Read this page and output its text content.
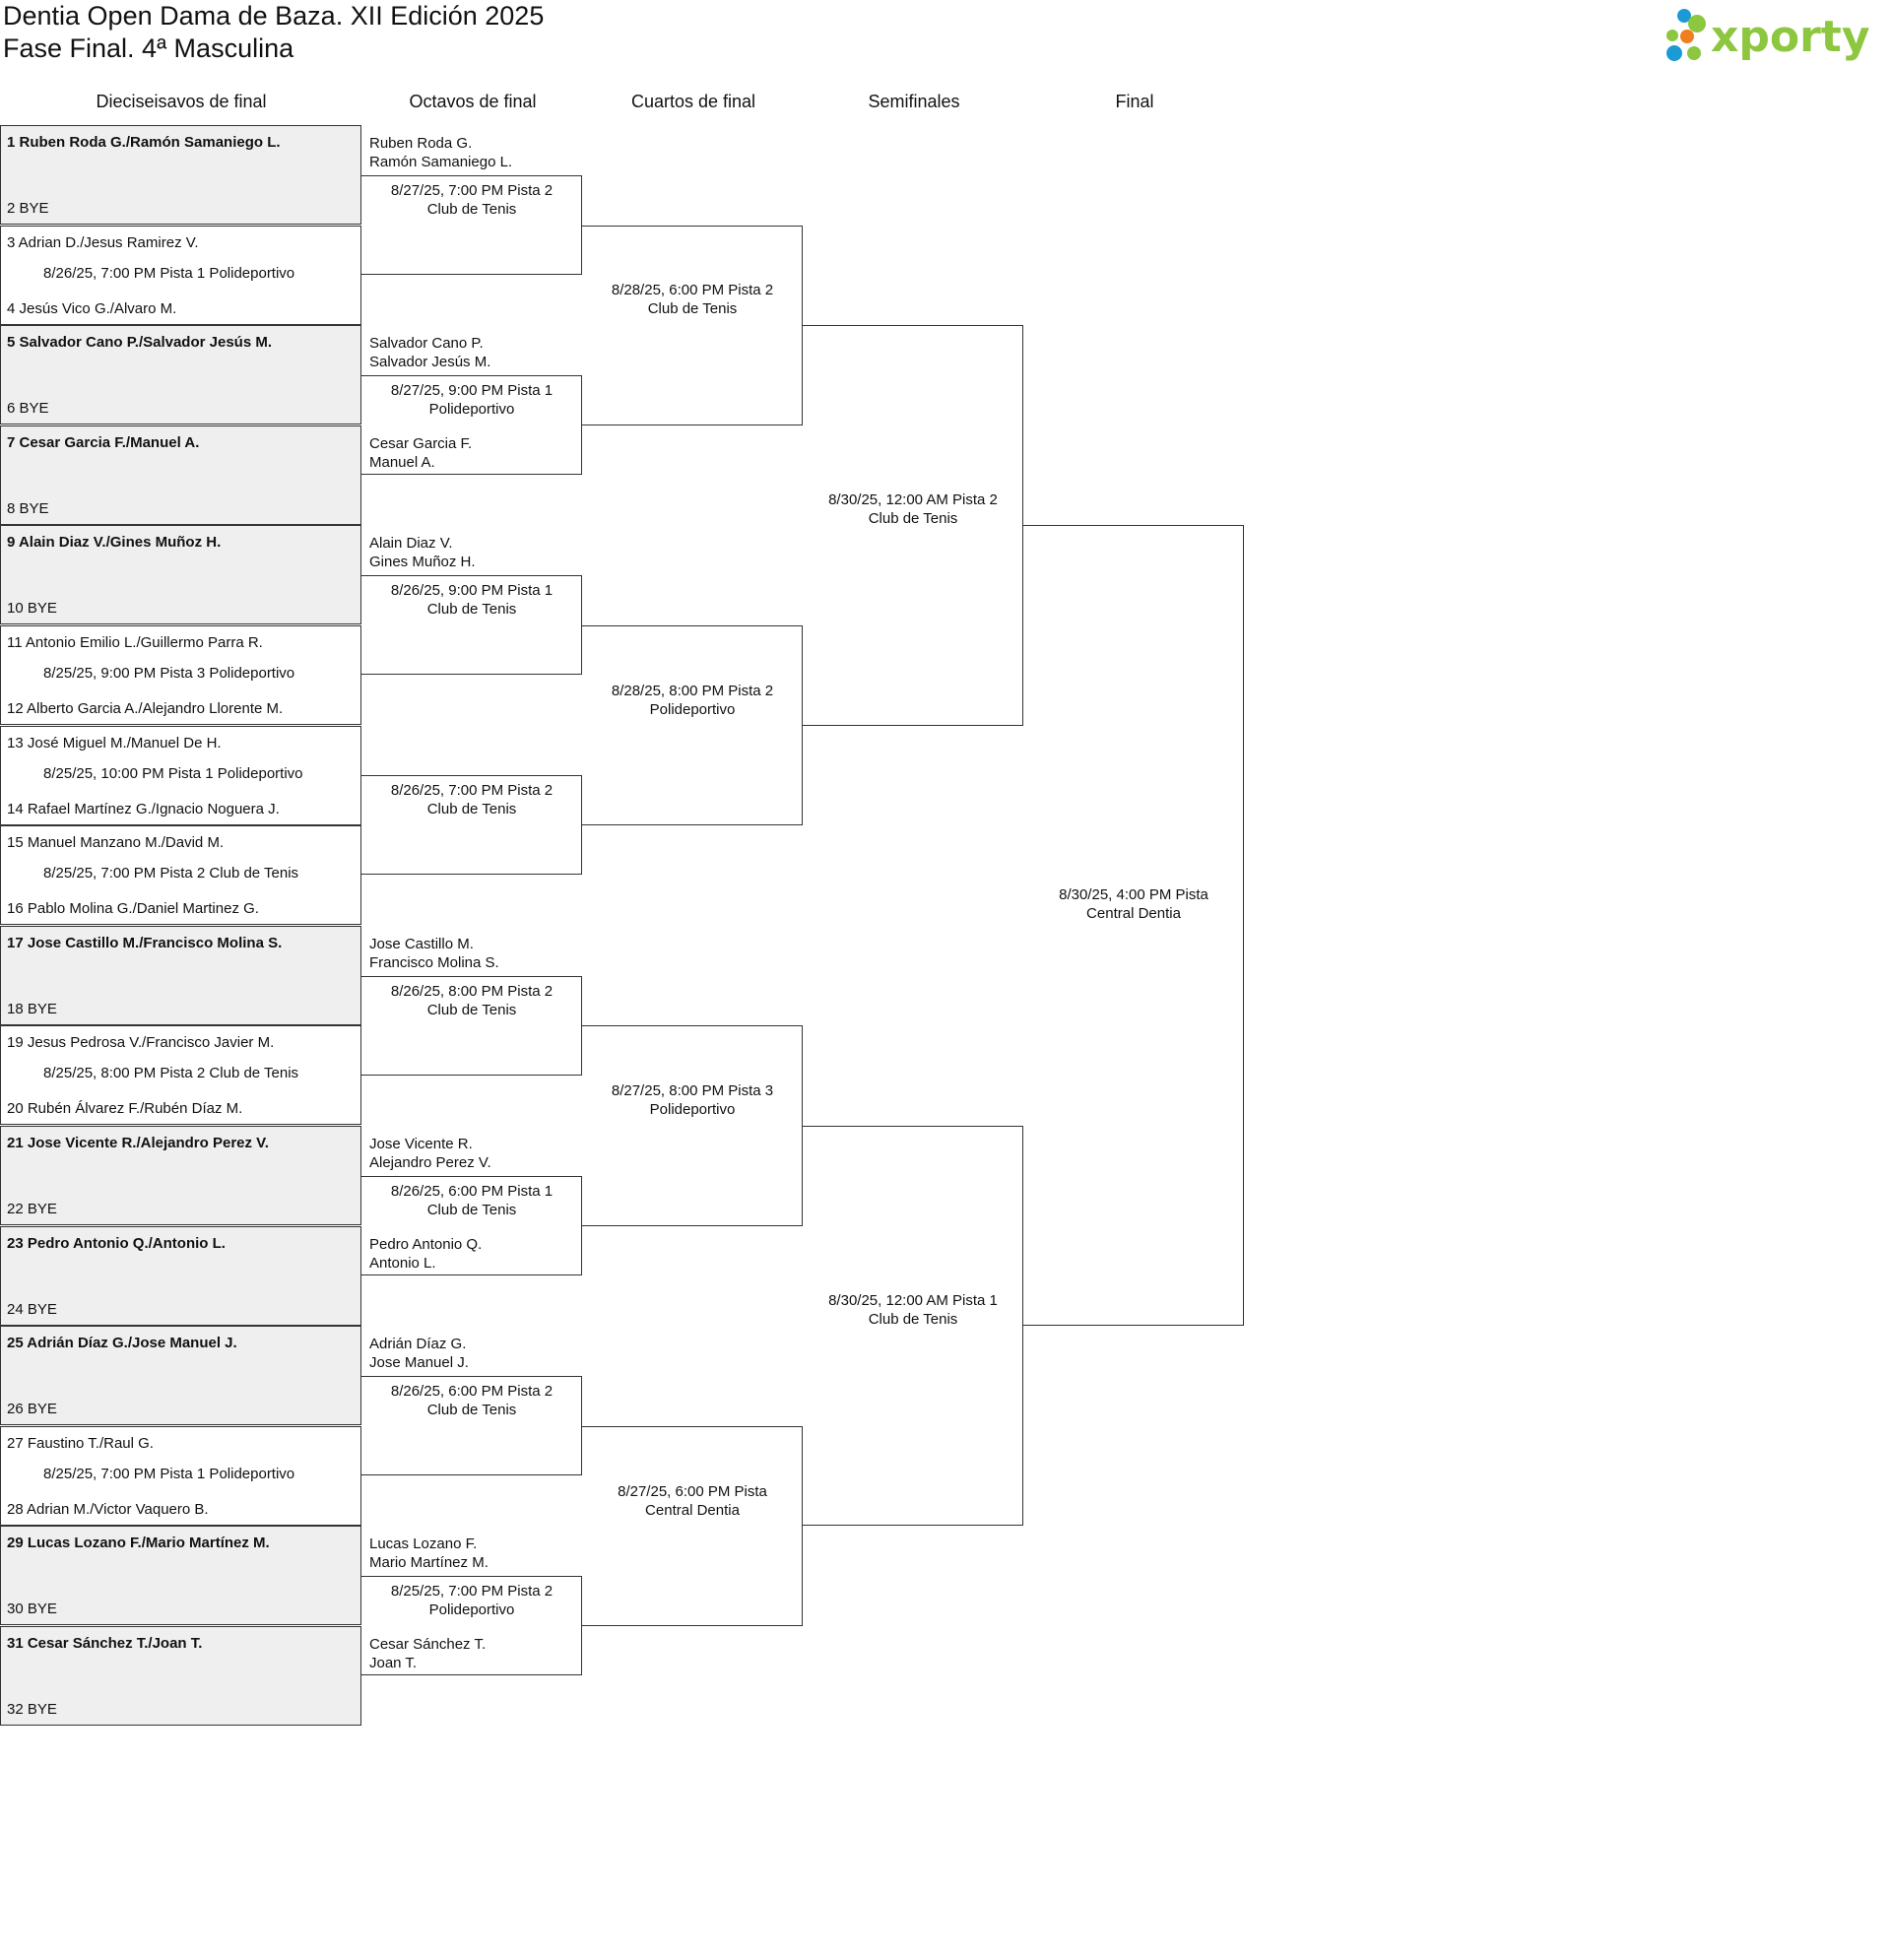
Dentia Open Dama de Baza. XII Edición 2025
Fase Final. 4ª Masculina	xporty
Dieciseisavos de final	Octavos de final	Cuartos de final	Semifinales	Final
1 Ruben Roda G./Ramón Samaniego L.
2 BYE
3 Adrian D./Jesus Ramirez V.
4 Jesús Vico G./Alvaro M.
8/26/25, 7:00 PM Pista 1 Polideportivo
5 Salvador Cano P./Salvador Jesús M.
6 BYE
7 Cesar Garcia F./Manuel A.
8 BYE
9 Alain Diaz V./Gines Muñoz H.
10 BYE
11 Antonio Emilio L./Guillermo Parra R.
12 Alberto Garcia A./Alejandro Llorente M.
8/25/25, 9:00 PM Pista 3 Polideportivo
13 José Miguel M./Manuel De H.
14 Rafael Martínez G./Ignacio Noguera J.
8/25/25, 10:00 PM Pista 1 Polideportivo
15 Manuel Manzano M./David M.
16 Pablo Molina G./Daniel Martinez G.
8/25/25, 7:00 PM Pista 2 Club de Tenis
17 Jose Castillo M./Francisco Molina S.
18 BYE
19 Jesus Pedrosa V./Francisco Javier M.
20 Rubén Álvarez F./Rubén Díaz M.
8/25/25, 8:00 PM Pista 2 Club de Tenis
21 Jose Vicente R./Alejandro Perez V.
22 BYE
23 Pedro Antonio Q./Antonio L.
24 BYE
25 Adrián Díaz G./Jose Manuel J.
26 BYE
27 Faustino T./Raul G.
28 Adrian M./Victor Vaquero B.
8/25/25, 7:00 PM Pista 1 Polideportivo
29 Lucas Lozano F./Mario Martínez M.
30 BYE
31 Cesar Sánchez T./Joan T.
32 BYE
Ruben Roda G.
Ramón Samaniego L.
8/27/25, 7:00 PM Pista 2
Club de Tenis
Salvador Cano P.
Salvador Jesús M.
8/27/25, 9:00 PM Pista 1
Polideportivo
Cesar Garcia F.
Manuel A.
Alain Diaz V.
Gines Muñoz H.
8/26/25, 9:00 PM Pista 1
Club de Tenis
8/26/25, 7:00 PM Pista 2
Club de Tenis
Jose Castillo M.
Francisco Molina S.
8/26/25, 8:00 PM Pista 2
Club de Tenis
Jose Vicente R.
Alejandro Perez V.
8/26/25, 6:00 PM Pista 1
Club de Tenis
Pedro Antonio Q.
Antonio L.
Adrián Díaz G.
Jose Manuel J.
8/26/25, 6:00 PM Pista 2
Club de Tenis
Lucas Lozano F.
Mario Martínez M.
8/25/25, 7:00 PM Pista 2
Polideportivo
Cesar Sánchez T.
Joan T.
8/28/25, 6:00 PM Pista 2
Club de Tenis
8/28/25, 8:00 PM Pista 2
Polideportivo
8/27/25, 8:00 PM Pista 3
Polideportivo
8/27/25, 6:00 PM Pista
Central Dentia
8/30/25, 12:00 AM Pista 2
Club de Tenis
8/30/25, 12:00 AM Pista 1
Club de Tenis
8/30/25, 4:00 PM Pista
Central Dentia
